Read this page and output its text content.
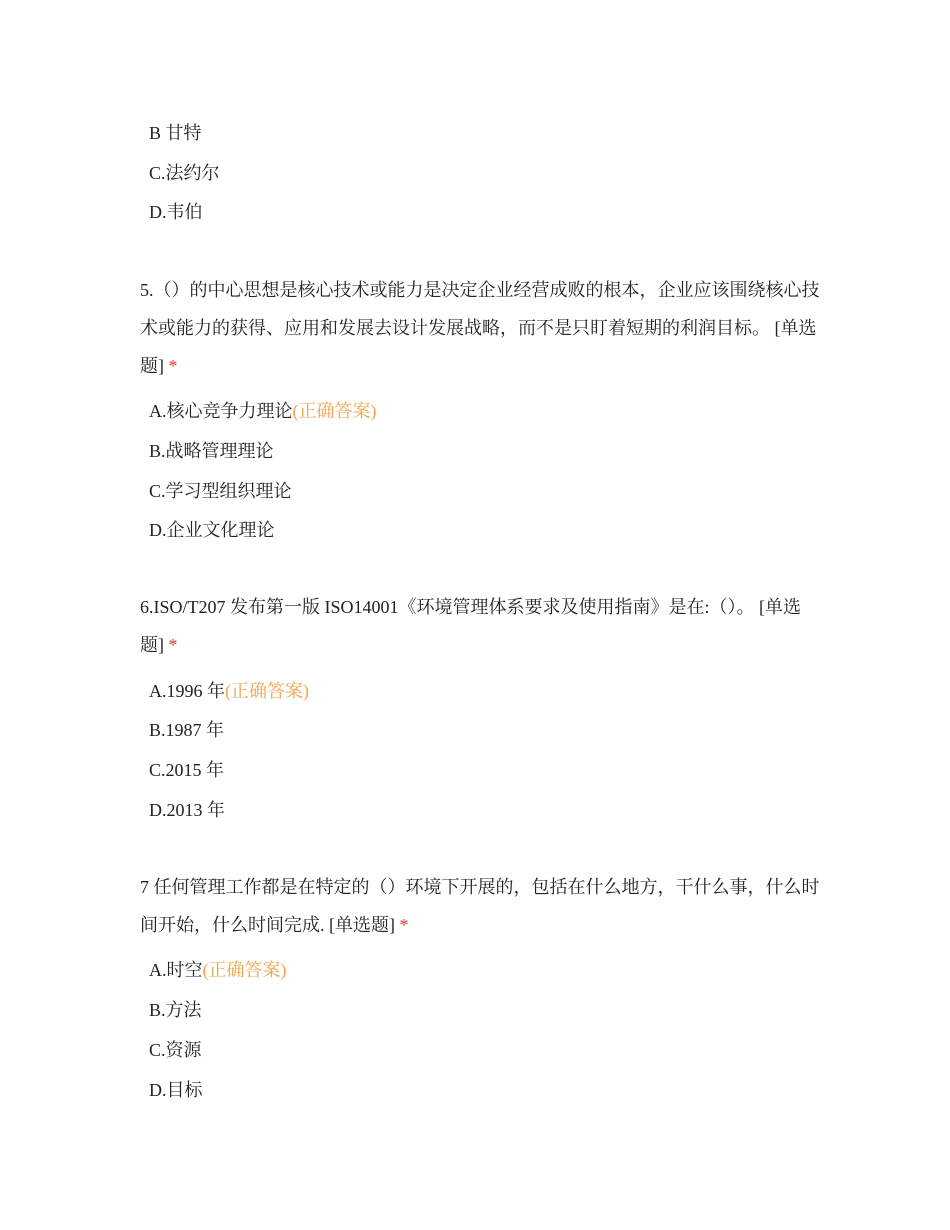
B 甘特
C.法约尔
D.韦伯
5.（）的中心思想是核心技术或能力是决定企业经营成败的根本，企业应该围绕核心技术或能力的获得、应用和发展去设计发展战略，而不是只盯着短期的利润目标。 [单选题] *
A.核心竞争力理论(正确答案)
B.战略管理理论
C.学习型组织理论
D.企业文化理论
6.ISO/T207 发布第一版 ISO14001《环境管理体系要求及使用指南》是在:（）。 [单选题] *
A.1996 年(正确答案)
B.1987 年
C.2015 年
D.2013 年
7 任何管理工作都是在特定的（）环境下开展的，包括在什么地方，干什么事，什么时间开始，什么时间完成. [单选题] *
A.时空(正确答案)
B.方法
C.资源
D.目标
